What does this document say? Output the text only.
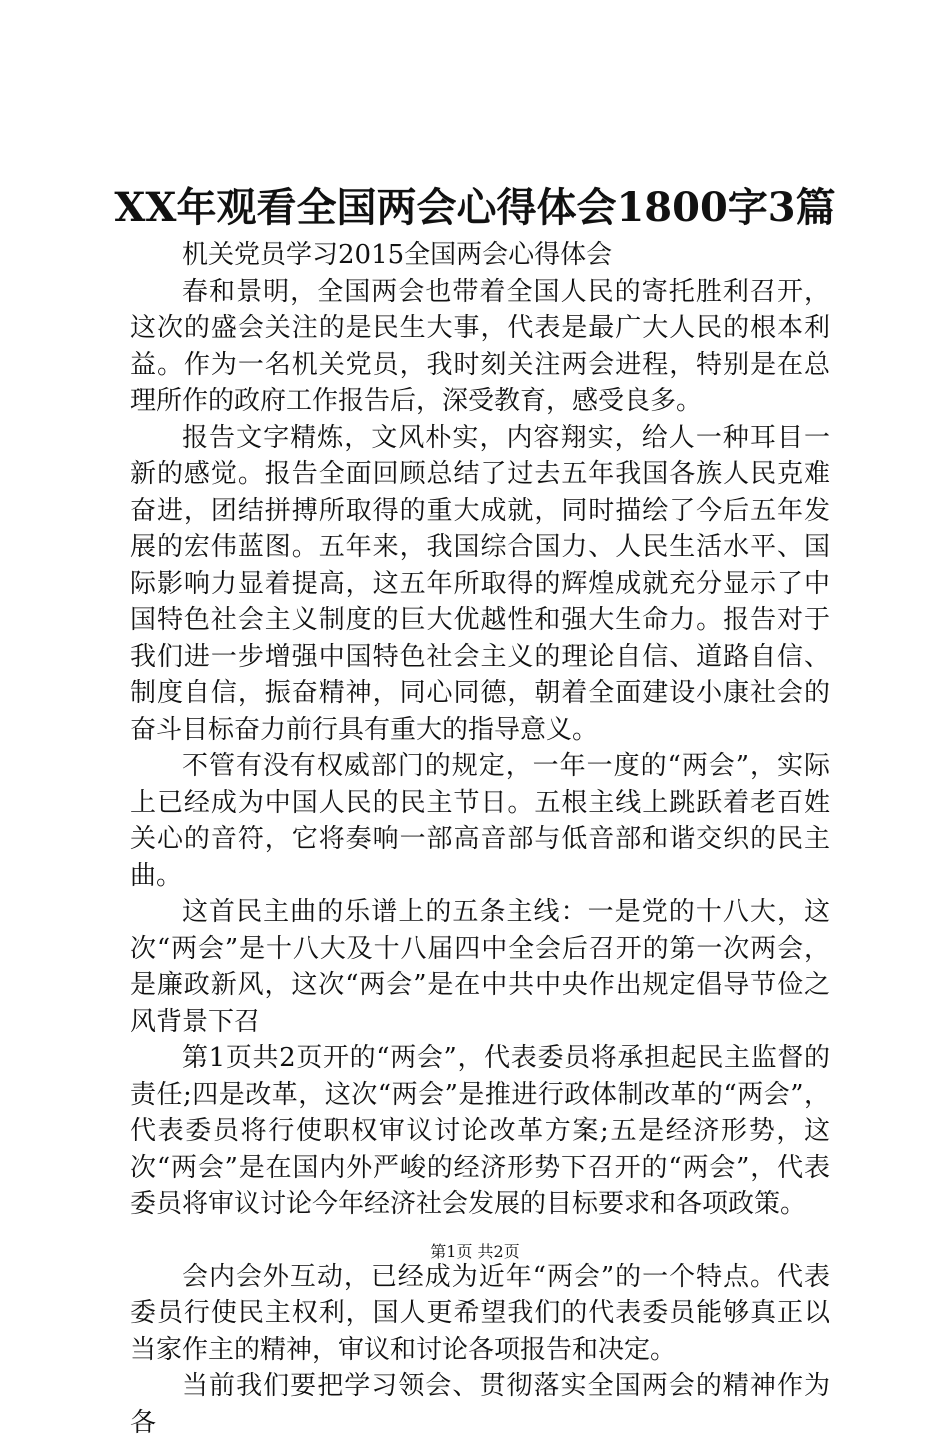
XX年观看全国两会心得体会1800字3篇

机关党员学习2015全国两会心得体会

春和景明，全国两会也带着全国人民的寄托胜利召开，这次的盛会关注的是民生大事，代表是最广大人民的根本利益。作为一名机关党员，我时刻关注两会进程，特别是在总理所作的政府工作报告后，深受教育，感受良多。

报告文字精炼，文风朴实，内容翔实，给人一种耳目一新的感觉。报告全面回顾总结了过去五年我国各族人民克难奋进，团结拼搏所取得的重大成就，同时描绘了今后五年发展的宏伟蓝图。五年来，我国综合国力、人民生活水平、国际影响力显着提高，这五年所取得的辉煌成就充分显示了中国特色社会主义制度的巨大优越性和强大生命力。报告对于我们进一步增强中国特色社会主义的理论自信、道路自信、制度自信，振奋精神，同心同德，朝着全面建设小康社会的奋斗目标奋力前行具有重大的指导意义。

不管有没有权威部门的规定，一年一度的“两会”，实际上已经成为中国人民的民主节日。五根主线上跳跃着老百姓关心的音符，它将奏响一部高音部与低音部和谐交织的民主曲。

这首民主曲的乐谱上的五条主线：一是党的十八大，这次“两会”是十八大及十八届四中全会后召开的第一次两会，是廉政新风，这次“两会”是在中共中央作出规定倡导节俭之风背景下召

第1页共2页开的“两会”，代表委员将承担起民主监督的责任;四是改革，这次“两会”是推进行政体制改革的“两会”，代表委员将行使职权审议讨论改革方案;五是经济形势，这次“两会”是在国内外严峻的经济形势下召开的“两会”，代表委员将审议讨论今年经济社会发展的目标要求和各项政策。

会内会外互动，已经成为近年“两会”的一个特点。代表委员行使民主权利，国人更希望我们的代表委员能够真正以当家作主的精神，审议和讨论各项报告和决定。

当前我们要把学习领会、贯彻落实全国两会的精神作为各

第1页 共2页
